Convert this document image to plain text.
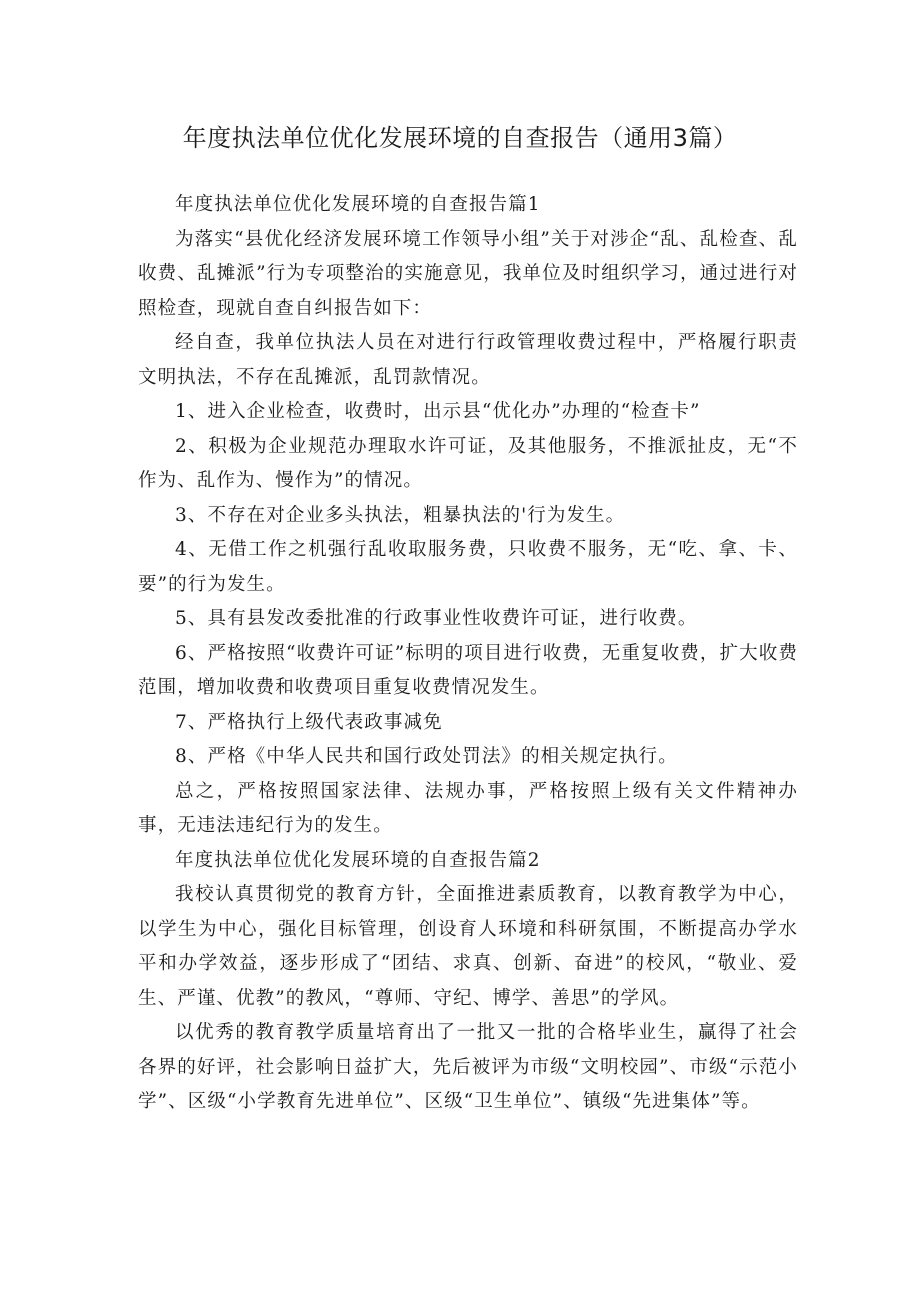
年度执法单位优化发展环境的自查报告（通用3篇）

年度执法单位优化发展环境的自查报告篇1

为落实“县优化经济发展环境工作领导小组”关于对涉企“乱、乱检查、乱收费、乱摊派”行为专项整治的实施意见，我单位及时组织学习，通过进行对照检查，现就自查自纠报告如下：

经自查，我单位执法人员在对进行行政管理收费过程中，严格履行职责文明执法，不存在乱摊派，乱罚款情况。

1、进入企业检查，收费时，出示县“优化办”办理的“检查卡”

2、积极为企业规范办理取水许可证，及其他服务，不推派扯皮，无“不作为、乱作为、慢作为”的情况。

3、不存在对企业多头执法，粗暴执法的'行为发生。

4、无借工作之机强行乱收取服务费，只收费不服务，无“吃、拿、卡、要”的行为发生。

5、具有县发改委批准的行政事业性收费许可证，进行收费。

6、严格按照“收费许可证”标明的项目进行收费，无重复收费，扩大收费范围，增加收费和收费项目重复收费情况发生。

7、严格执行上级代表政事减免

8、严格《中华人民共和国行政处罚法》的相关规定执行。

总之，严格按照国家法律、法规办事，严格按照上级有关文件精神办事，无违法违纪行为的发生。

年度执法单位优化发展环境的自查报告篇2

我校认真贯彻党的教育方针，全面推进素质教育，以教育教学为中心，以学生为中心，强化目标管理，创设育人环境和科研氛围，不断提高办学水平和办学效益，逐步形成了“团结、求真、创新、奋进”的校风，“敬业、爱生、严谨、优教”的教风，“尊师、守纪、博学、善思”的学风。

以优秀的教育教学质量培育出了一批又一批的合格毕业生，赢得了社会各界的好评，社会影响日益扩大，先后被评为市级“文明校园”、市级“示范小学”、区级“小学教育先进单位”、区级“卫生单位”、镇级“先进集体”等。
